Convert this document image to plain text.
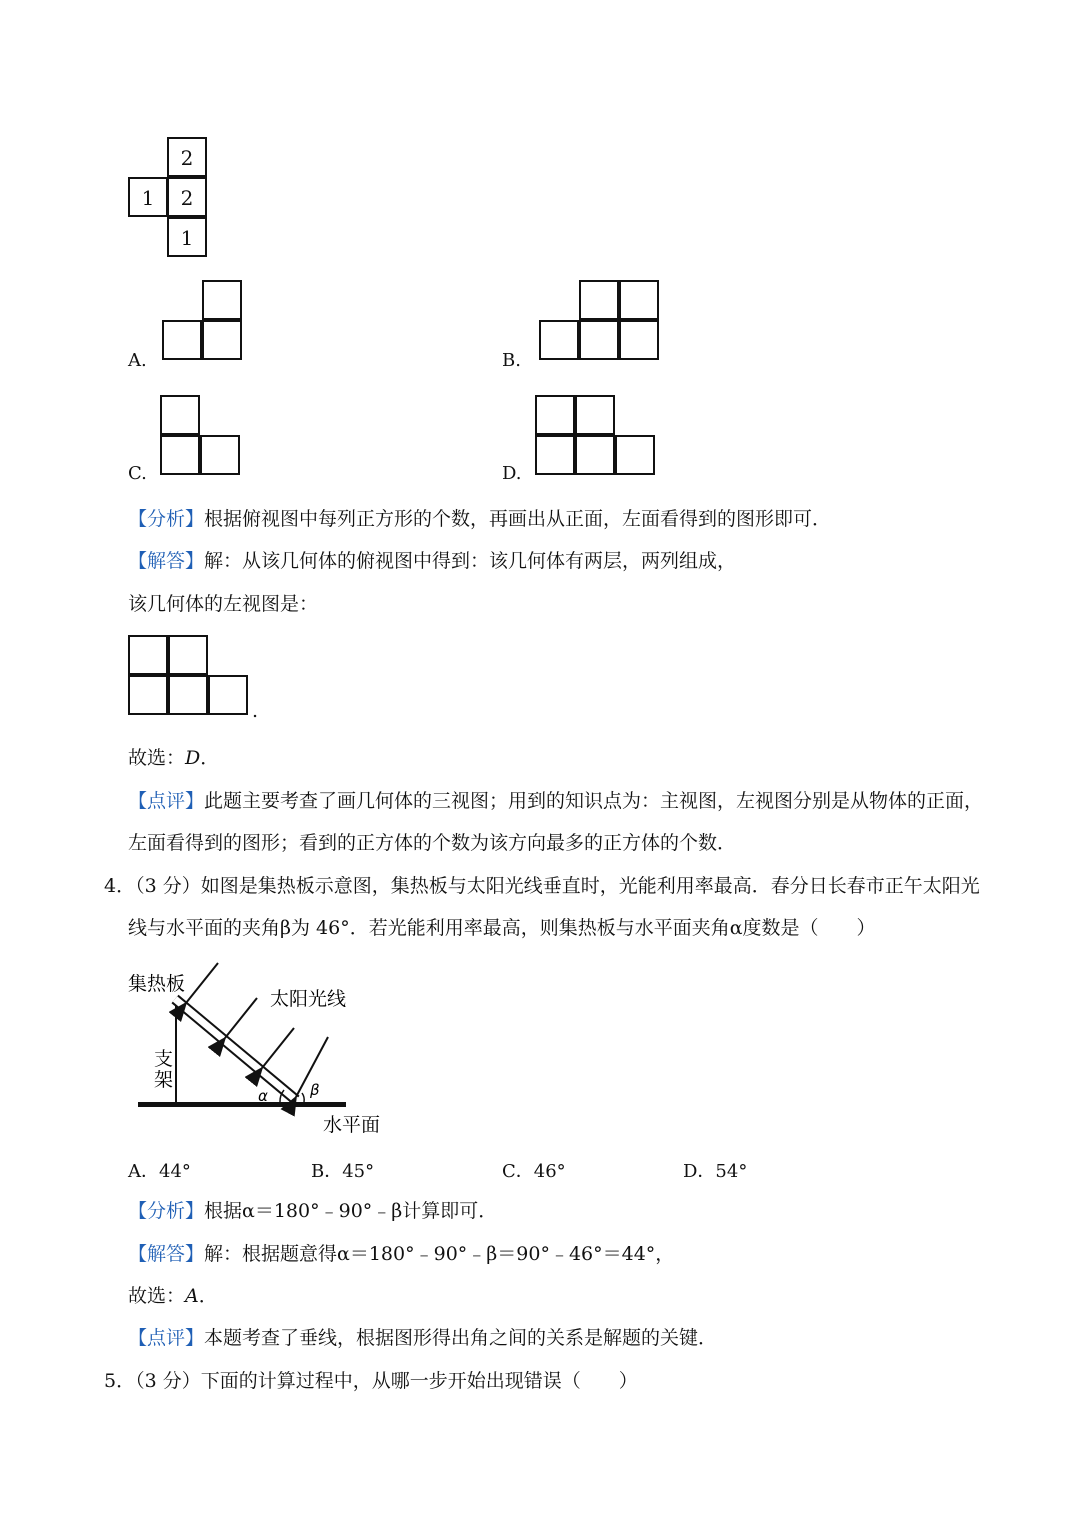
2
1	2
1
A.	B.
C.	D.
【分析】根据俯视图中每列正方形的个数，再画出从正面，左面看得到的图形即可．
【解答】解：从该几何体的俯视图中得到：该几何体有两层，两列组成，
该几何体的左视图是：
.
故选：D．
【点评】此题主要考查了画几何体的三视图；用到的知识点为：主视图，左视图分别是从物体的正面，
左面看得到的图形；看到的正方体的个数为该方向最多的正方体的个数．
4．（3 分）如图是集热板示意图，集热板与太阳光线垂直时，光能利用率最高．春分日长春市正午太阳光
线与水平面的夹角β为 46°．若光能利用率最高，则集热板与水平面夹角α度数是（　　）
集热板
太阳光线
支
架
水平面
α	β
A．44°	B．45°	C．46°	D．54°
【分析】根据α＝180°﹣90°﹣β计算即可．
【解答】解：根据题意得α＝180°﹣90°﹣β＝90°﹣46°＝44°，
故选：A．
【点评】本题考查了垂线，根据图形得出角之间的关系是解题的关键．
5．（3 分）下面的计算过程中，从哪一步开始出现错误（　　）
